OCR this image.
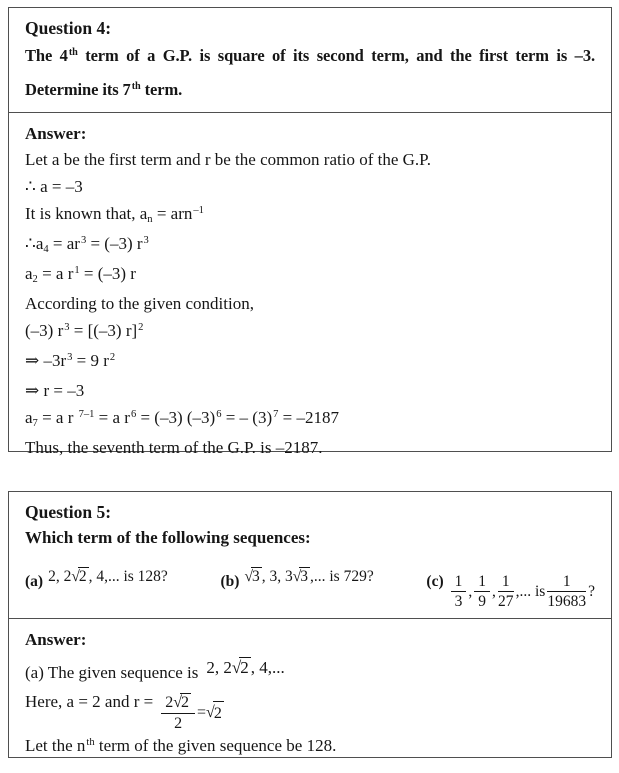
Question 4:
The 4th term of a G.P. is square of its second term, and the first term is –3.
Determine its 7th term.
Answer:
Let a be the first term and r be the common ratio of the G.P.
∴ a = –3
It is known that, an = arn$^{-1}$
∴a4 = $ar^3 = (-3)$ $r^3$
a2 = a $r^1 = (-3)$ r
According to the given condition,
(–3) $r^3 = [(-3)$ r]$^2$
⇒ $-3r^3 = 9$ $r^2$
⇒ r = –3
a7 = a r $^{7-1}$ = a $r^6 = (-3) (-3)^6$ = – $(3)^7 = -2187$
Thus, the seventh term of the G.P. is –2187.
Question 5:
Which term of the following sequences:
(a) 2, 2√2 , 4,... is 128?	(b) √3 , 3, 3√3 ,... is 729?	$(c) \frac{1}{3}$ , $\frac{1}{9}$ , $\frac{1}{27}$ ,... is $\frac{1}{19683}$ ?
Answer:
(a) The given sequence is 2, 2√2 , 4,...
Here, a = 2 and $r = \frac{2√2}{2}$ = √ 2
Let the $n^{th}$ term of the given sequence be 128.
